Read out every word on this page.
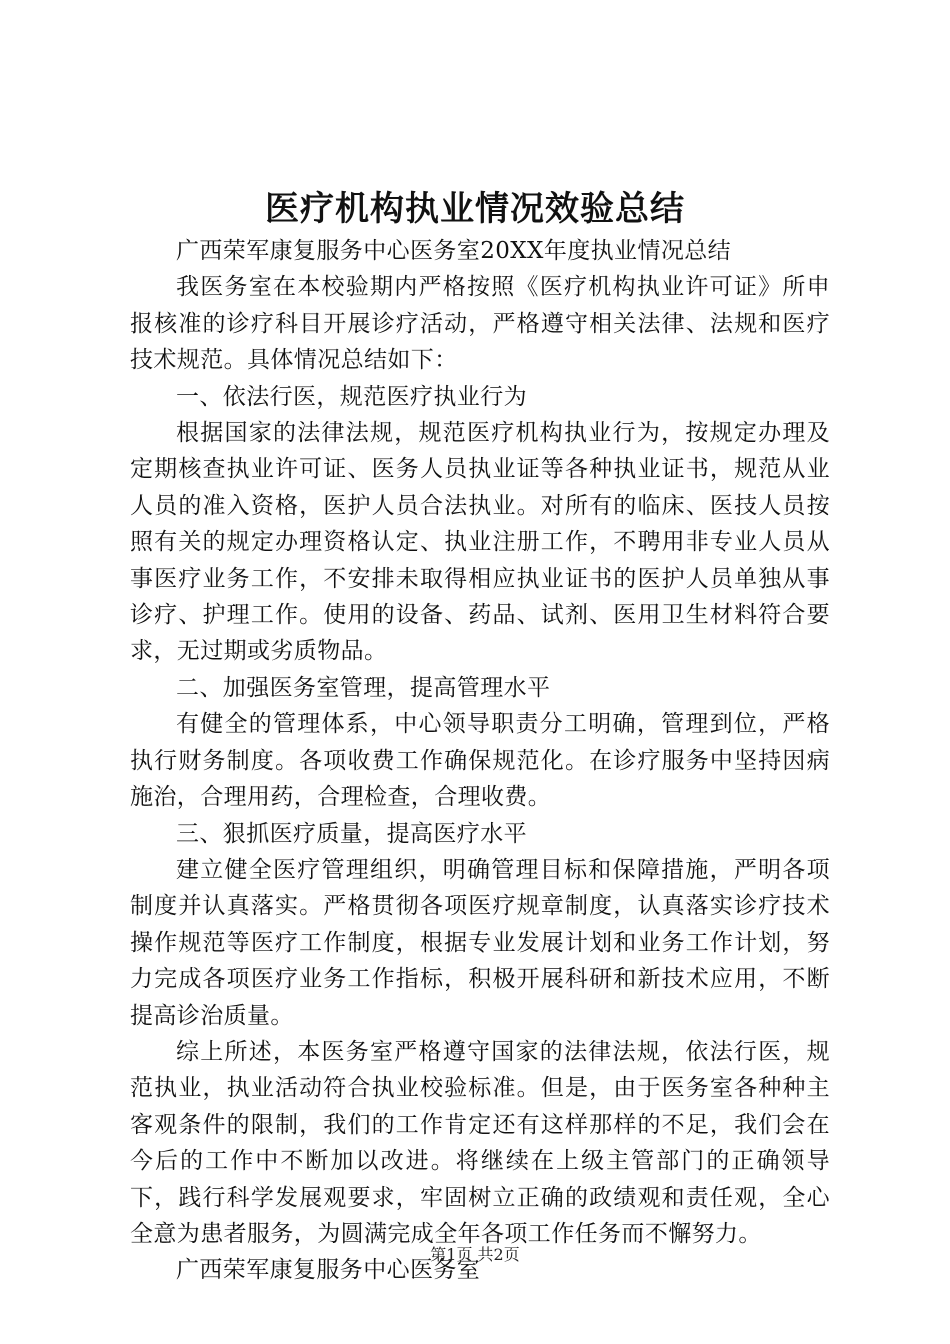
医疗机构执业情况效验总结

广西荣军康复服务中心医务室20XX年度执业情况总结

我医务室在本校验期内严格按照《医疗机构执业许可证》所申报核准的诊疗科目开展诊疗活动，严格遵守相关法律、法规和医疗技术规范。具体情况总结如下：

一、依法行医，规范医疗执业行为

根据国家的法律法规，规范医疗机构执业行为，按规定办理及定期核查执业许可证、医务人员执业证等各种执业证书，规范从业人员的准入资格，医护人员合法执业。对所有的临床、医技人员按照有关的规定办理资格认定、执业注册工作，不聘用非专业人员从事医疗业务工作，不安排未取得相应执业证书的医护人员单独从事诊疗、护理工作。使用的设备、药品、试剂、医用卫生材料符合要求，无过期或劣质物品。

二、加强医务室管理，提高管理水平

有健全的管理体系，中心领导职责分工明确，管理到位，严格执行财务制度。各项收费工作确保规范化。在诊疗服务中坚持因病施治，合理用药，合理检查，合理收费。

三、狠抓医疗质量，提高医疗水平

建立健全医疗管理组织，明确管理目标和保障措施，严明各项制度并认真落实。严格贯彻各项医疗规章制度，认真落实诊疗技术操作规范等医疗工作制度，根据专业发展计划和业务工作计划，努力完成各项医疗业务工作指标，积极开展科研和新技术应用，不断提高诊治质量。

综上所述，本医务室严格遵守国家的法律法规，依法行医，规范执业，执业活动符合执业校验标准。但是，由于医务室各种种主客观条件的限制，我们的工作肯定还有这样那样的不足，我们会在今后的工作中不断加以改进。将继续在上级主管部门的正确领导下，践行科学发展观要求，牢固树立正确的政绩观和责任观，全心全意为患者服务，为圆满完成全年各项工作任务而不懈努力。

广西荣军康复服务中心医务室

第1页 共2页
